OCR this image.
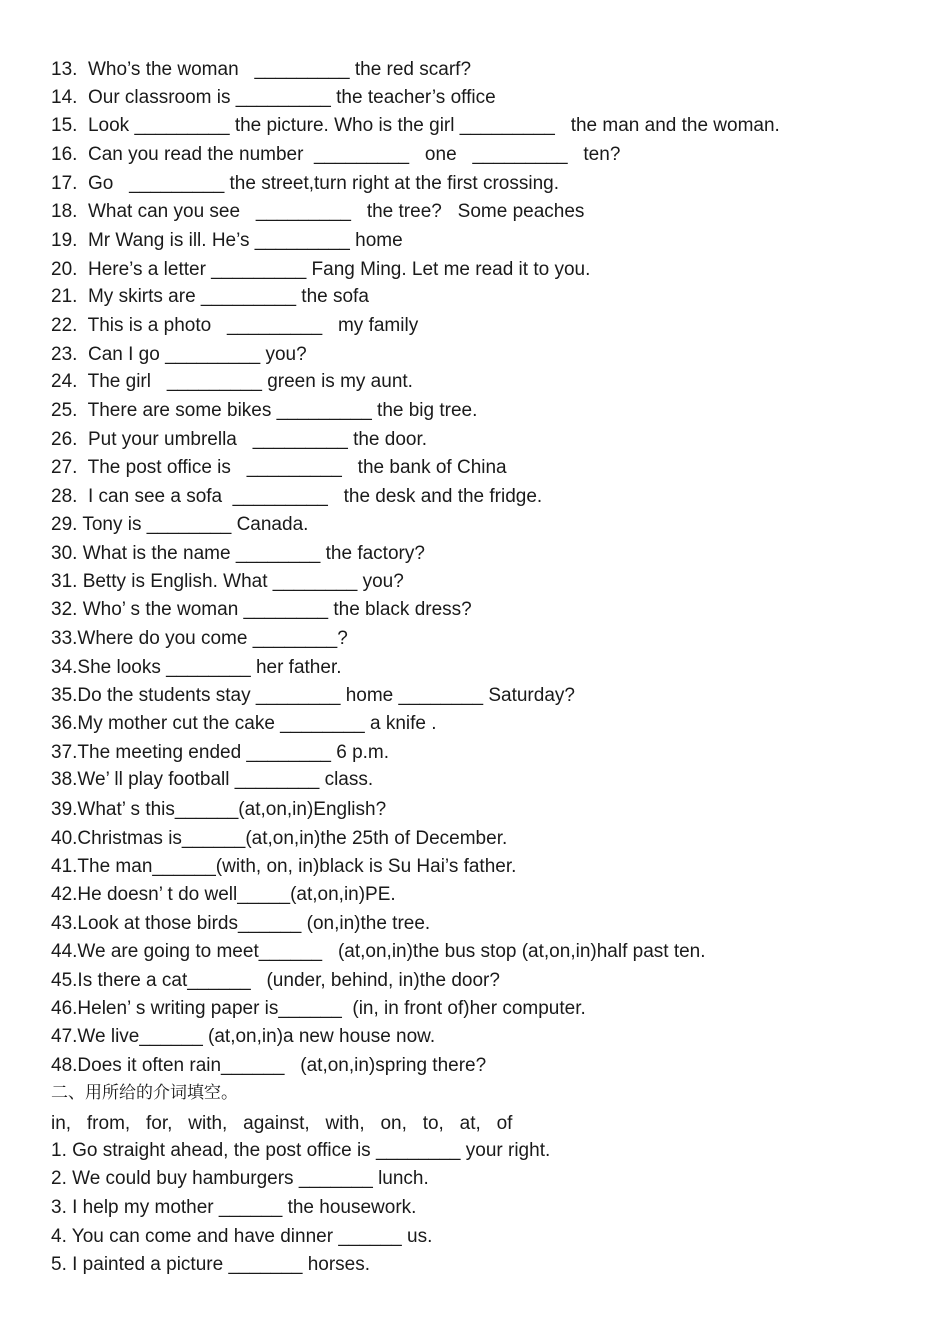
13.  Who’s the woman   _________ the red scarf?
14.  Our classroom is _________ the teacher’s office
15.  Look _________ the picture. Who is the girl _________   the man and the woman.
16.  Can you read the number  _________   one   _________   ten?
17.  Go   _________ the street,turn right at the first crossing.
18.  What can you see   _________   the tree?   Some peaches
19.  Mr Wang is ill. He’s _________ home
20.  Here’s a letter _________ Fang Ming. Let me read it to you.
21.  My skirts are _________ the sofa
22.  This is a photo   _________   my family
23.  Can I go _________ you?
24.  The girl   _________ green is my aunt.
25.  There are some bikes _________ the big tree.
26.  Put your umbrella   _________ the door.
27.  The post office is   _________   the bank of China
28.  I can see a sofa  _________   the desk and the fridge.
29. Tony is ________ Canada.
30. What is the name ________ the factory?
31. Betty is English. What ________ you?
32. Who’ s the woman ________ the black dress?
33.Where do you come ________?
34.She looks ________ her father.
35.Do the students stay ________ home ________ Saturday?
36.My mother cut the cake ________ a knife .
37.The meeting ended ________ 6 p.m.
38.We’ ll play football ________ class.
39.What’ s this______(at,on,in)English?
40.Christmas is______(at,on,in)the 25th of December.
41.The man______(with, on, in)black is Su Hai’s father.
42.He doesn’ t do well_____(at,on,in)PE.
43.Look at those birds______ (on,in)the tree.
44.We are going to meet______   (at,on,in)the bus stop (at,on,in)half past ten.
45.Is there a cat______   (under, behind, in)the door?
46.Helen’ s writing paper is______  (in, in front of)her computer.
47.We live______ (at,on,in)a new house now.
48.Does it often rain______   (at,on,in)spring there?
二、用所给的介词填空。
in,   from,   for,   with,   against,   with,   on,   to,   at,   of
1. Go straight ahead, the post office is ________ your right.
2. We could buy hamburgers _______ lunch.
3. I help my mother ______ the housework.
4. You can come and have dinner ______ us.
5. I painted a picture _______ horses.
